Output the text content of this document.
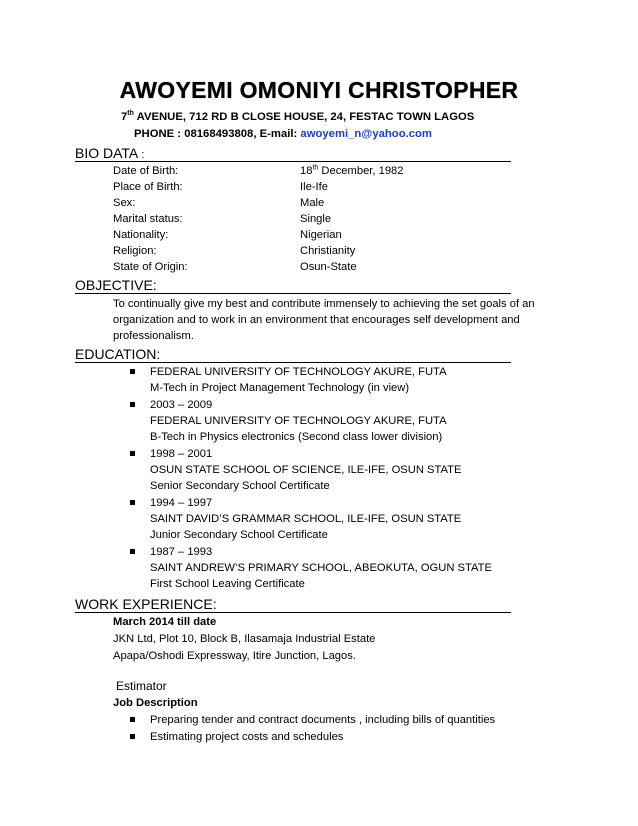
AWOYEMI OMONIYI CHRISTOPHER
7th AVENUE, 712 RD B CLOSE HOUSE, 24, FESTAC TOWN LAGOS
PHONE : 08168493808, E-mail: awoyemi_n@yahoo.com
BIO DATA :
Date of Birth:	18th December, 1982
Place of Birth:	Ile-Ife
Sex:	Male
Marital status:	Single
Nationality:	Nigerian
Religion:	Christianity
State of Origin:	Osun-State
OBJECTIVE:
To continually give my best and contribute immensely to achieving the set goals of an
organization and to work in an environment that encourages self development and
professionalism.
EDUCATION:
FEDERAL UNIVERSITY OF TECHNOLOGY AKURE, FUTA
M-Tech in Project Management Technology (in view)
2003 – 2009
FEDERAL UNIVERSITY OF TECHNOLOGY AKURE, FUTA
B-Tech in Physics electronics (Second class lower division)
1998 – 2001
OSUN STATE SCHOOL OF SCIENCE, ILE-IFE, OSUN STATE
Senior Secondary School Certificate
1994 – 1997
SAINT DAVID’S GRAMMAR SCHOOL, ILE-IFE, OSUN STATE
Junior Secondary School Certificate
1987 – 1993
SAINT ANDREW’S PRIMARY SCHOOL, ABEOKUTA, OGUN STATE
First School Leaving Certificate
WORK EXPERIENCE:
March 2014 till date
JKN Ltd, Plot 10, Block B, Ilasamaja Industrial Estate
Apapa/Oshodi Expressway, Itire Junction, Lagos.
Estimator
Job Description
Preparing tender and contract documents , including bills of quantities
Estimating project costs and schedules
